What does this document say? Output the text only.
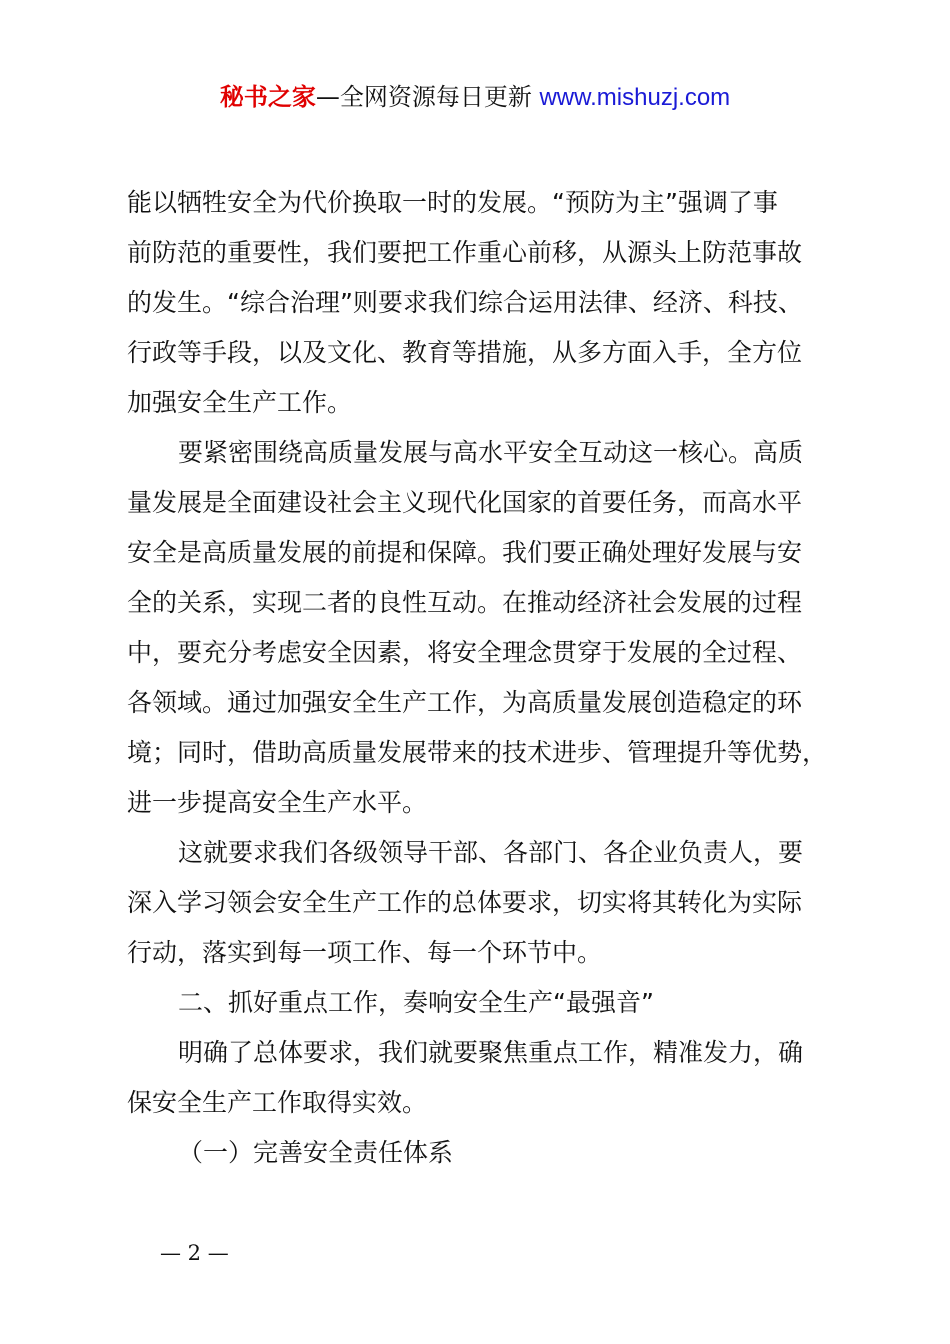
秘书之家—全网资源每日更新 www.mishuzj.com
能以牺牲安全为代价换取一时的发展。“预防为主”强调了事
前防范的重要性，我们要把工作重心前移，从源头上防范事故
的发生。“综合治理”则要求我们综合运用法律、经济、科技、
行政等手段，以及文化、教育等措施，从多方面入手，全方位
加强安全生产工作。
要紧密围绕高质量发展与高水平安全互动这一核心。高质
量发展是全面建设社会主义现代化国家的首要任务，而高水平
安全是高质量发展的前提和保障。我们要正确处理好发展与安
全的关系，实现二者的良性互动。在推动经济社会发展的过程
中，要充分考虑安全因素，将安全理念贯穿于发展的全过程、
各领域。通过加强安全生产工作，为高质量发展创造稳定的环
境；同时，借助高质量发展带来的技术进步、管理提升等优势，
进一步提高安全生产水平。
这就要求我们各级领导干部、各部门、各企业负责人，要
深入学习领会安全生产工作的总体要求，切实将其转化为实际
行动，落实到每一项工作、每一个环节中。
二、抓好重点工作，奏响安全生产“最强音”
明确了总体要求，我们就要聚焦重点工作，精准发力，确
保安全生产工作取得实效。
（一）完善安全责任体系
— 2 —
